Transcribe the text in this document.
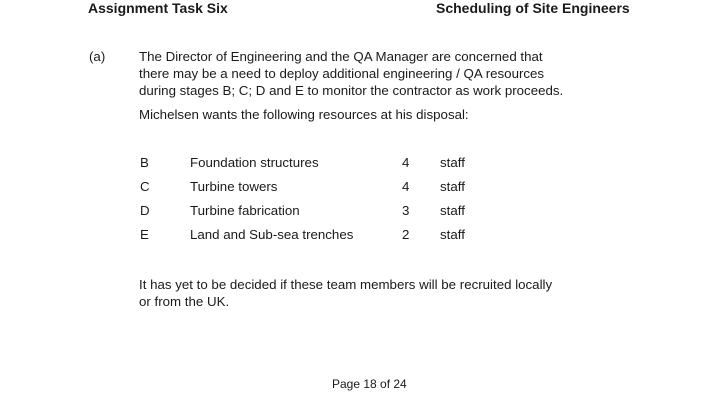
Assignment Task Six	Scheduling of Site Engineers
(a)	The Director of Engineering and the QA Manager are concerned that
there may be a need to deploy additional engineering / QA resources
during stages B; C; D and E to monitor the contractor as work proceeds.
Michelsen wants the following resources at his disposal:
B	Foundation structures	4 staff
C	Turbine towers	4 staff
D	Turbine fabrication	3 staff
E	Land and Sub-sea trenches	2 staff
It has yet to be decided if these team members will be recruited locally
or from the UK.
Page 18 of 24
